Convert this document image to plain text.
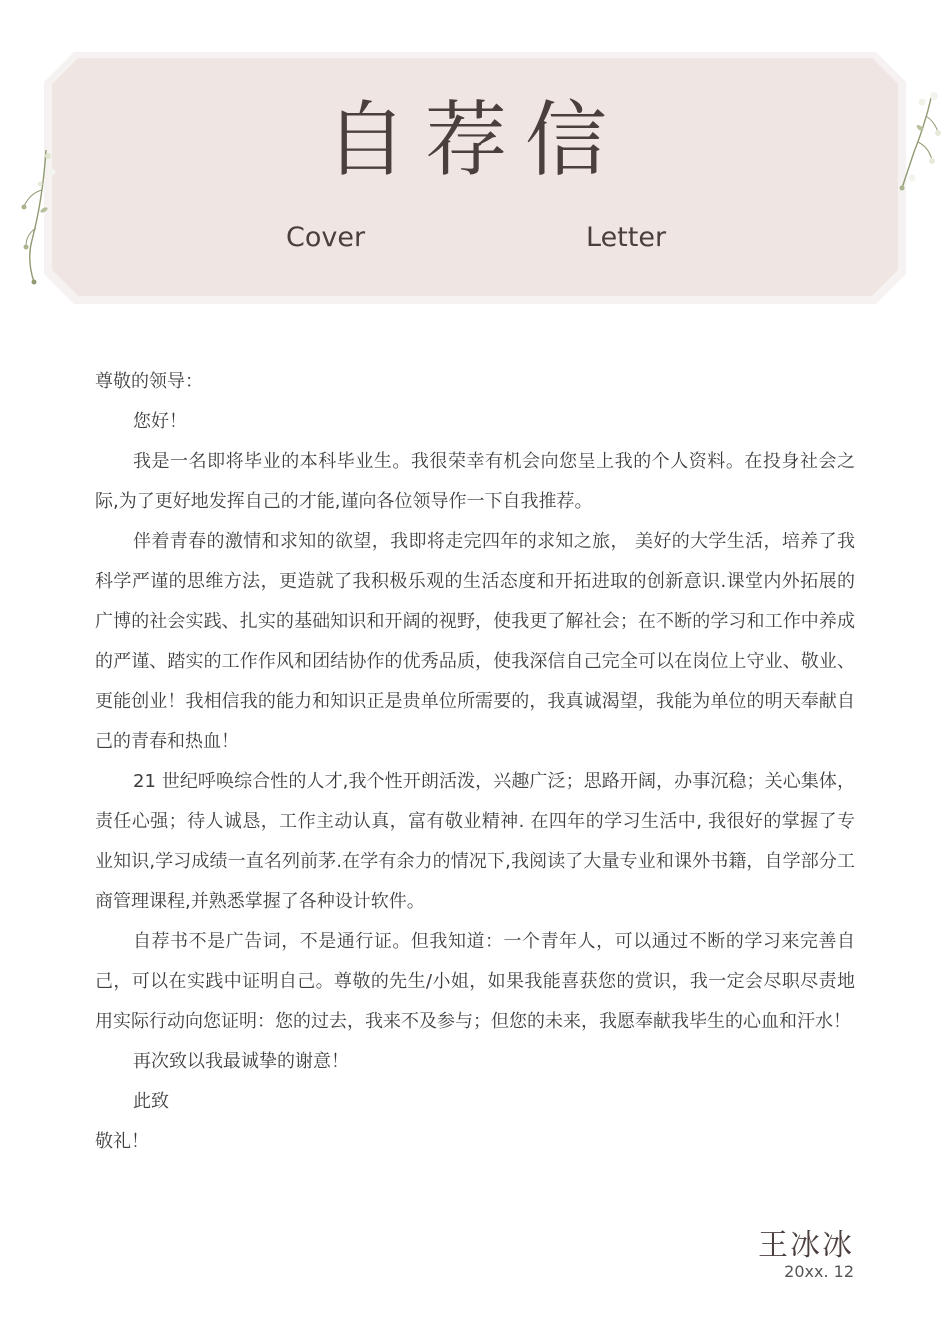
自荐信
Cover	Letter

尊敬的领导：

您好！

我是一名即将毕业的本科毕业生。我很荣幸有机会向您呈上我的个人资料。在投身社会之际,为了更好地发挥自己的才能,谨向各位领导作一下自我推荐。

伴着青春的激情和求知的欲望，我即将走完四年的求知之旅， 美好的大学生活，培养了我科学严谨的思维方法，更造就了我积极乐观的生活态度和开拓进取的创新意识.课堂内外拓展的广博的社会实践、扎实的基础知识和开阔的视野，使我更了解社会；在不断的学习和工作中养成的严谨、踏实的工作作风和团结协作的优秀品质，使我深信自己完全可以在岗位上守业、敬业、更能创业！我相信我的能力和知识正是贵单位所需要的，我真诚渴望，我能为单位的明天奉献自己的青春和热血！

21 世纪呼唤综合性的人才,我个性开朗活泼，兴趣广泛；思路开阔，办事沉稳；关心集体，责任心强；待人诚恳，工作主动认真，富有敬业精神. 在四年的学习生活中, 我很好的掌握了专业知识,学习成绩一直名列前茅.在学有余力的情况下,我阅读了大量专业和课外书籍，自学部分工商管理课程,并熟悉掌握了各种设计软件。

自荐书不是广告词，不是通行证。但我知道：一个青年人，可以通过不断的学习来完善自己，可以在实践中证明自己。尊敬的先生/小姐，如果我能喜获您的赏识，我一定会尽职尽责地用实际行动向您证明：您的过去，我来不及参与；但您的未来，我愿奉献我毕生的心血和汗水！

再次致以我最诚挚的谢意！

此致

敬礼！

王冰冰
20xx. 12
